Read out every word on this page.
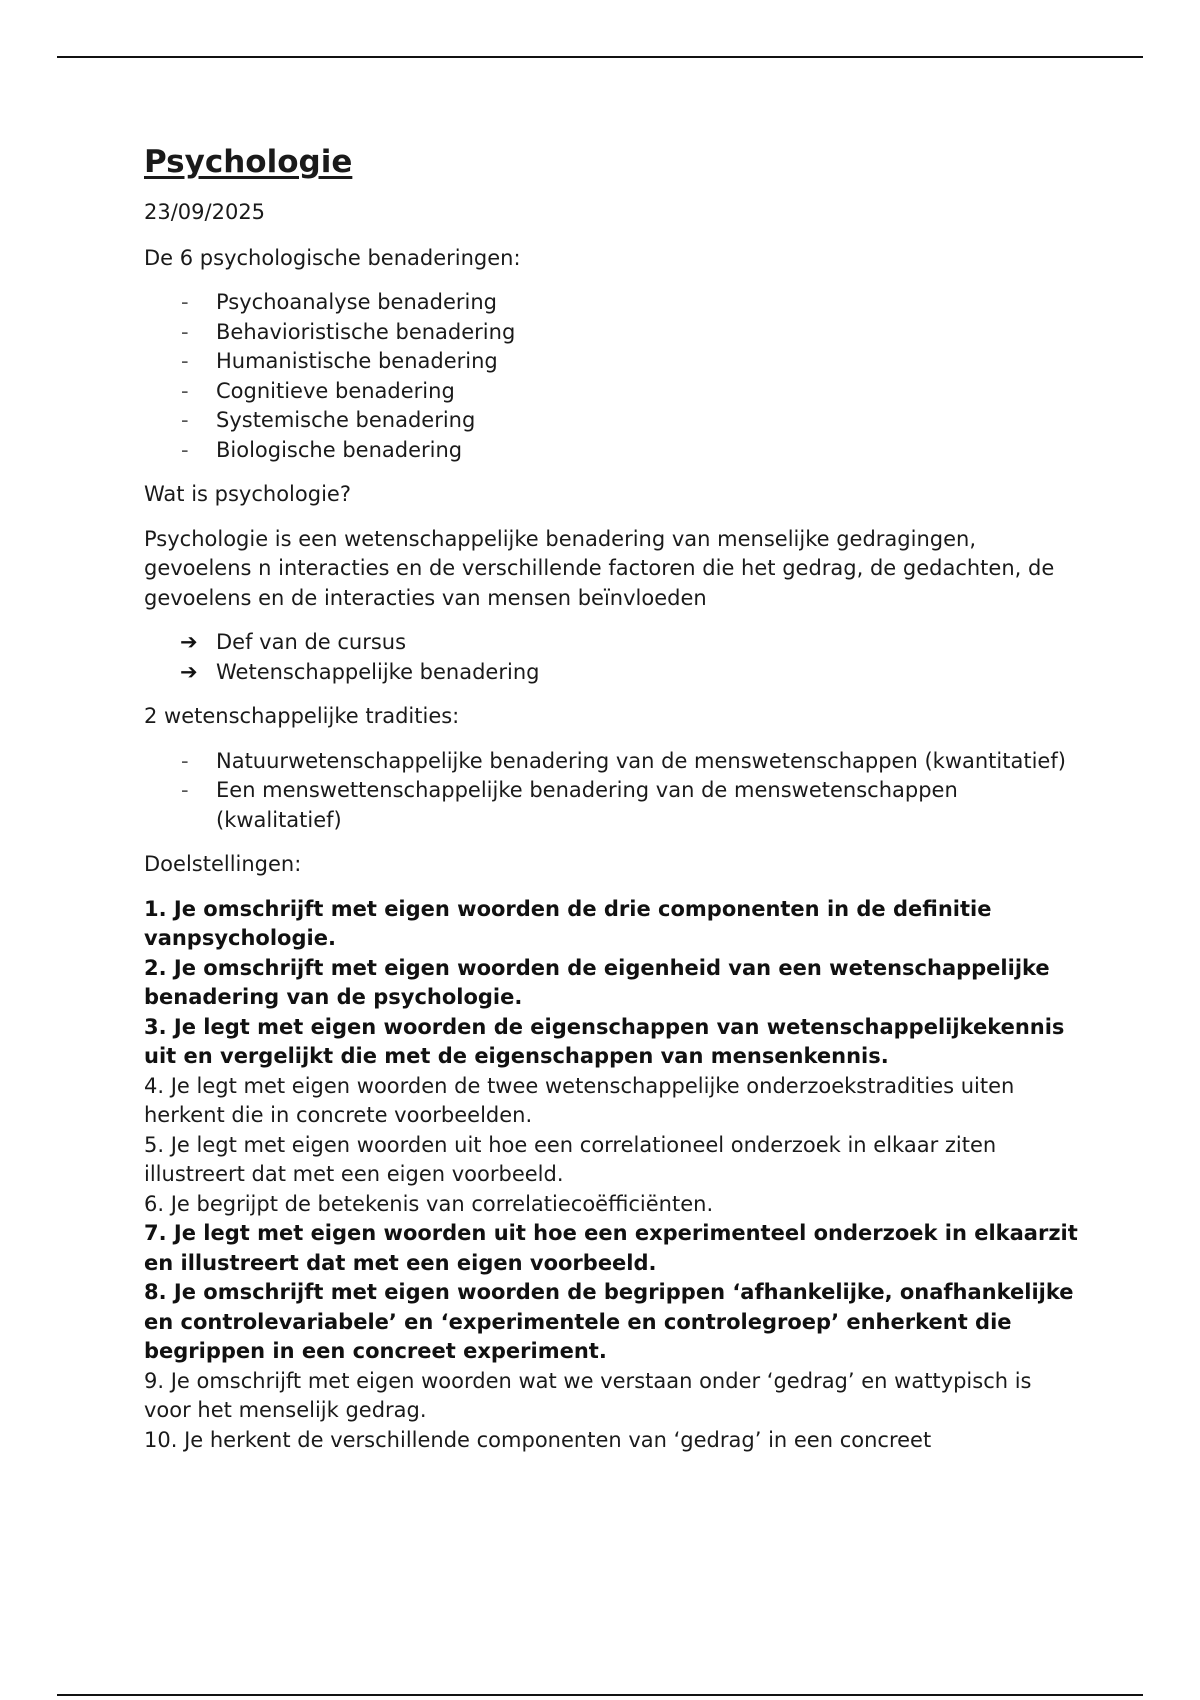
Psychologie

23/09/2025

De 6 psychologische benaderingen:

-	Psychoanalyse benadering
-	Behavioristische benadering
-	Humanistische benadering
-	Cognitieve benadering
-	Systemische benadering
-	Biologische benadering

Wat is psychologie?

Psychologie is een wetenschappelijke benadering van menselijke gedragingen, gevoelens n interacties en de verschillende factoren die het gedrag, de gedachten, de gevoelens en de interacties van mensen beïnvloeden

➔ Def van de cursus
➔ Wetenschappelijke benadering

2 wetenschappelijke tradities:

-	Natuurwetenschappelijke benadering van de menswetenschappen (kwantitatief)
-	Een menswettenschappelijke benadering van de menswetenschappen (kwalitatief)

Doelstellingen:

1. Je omschrijft met eigen woorden de drie componenten in de definitie vanpsychologie.

2. Je omschrijft met eigen woorden de eigenheid van een wetenschappelijke benadering van de psychologie.

3. Je legt met eigen woorden de eigenschappen van wetenschappelijkekennis uit en vergelijkt die met de eigenschappen van mensenkennis.

4. Je legt met eigen woorden de twee wetenschappelijke onderzoekstradities uiten herkent die in concrete voorbeelden.

5. Je legt met eigen woorden uit hoe een correlationeel onderzoek in elkaar ziten illustreert dat met een eigen voorbeeld.

6. Je begrijpt de betekenis van correlatiecoëfficiënten.

7. Je legt met eigen woorden uit hoe een experimenteel onderzoek in elkaarzit en illustreert dat met een eigen voorbeeld.

8. Je omschrijft met eigen woorden de begrippen ‘afhankelijke, onafhankelijke en controlevariabele’ en ‘experimentele en controlegroep’ enherkent die begrippen in een concreet experiment.

9. Je omschrijft met eigen woorden wat we verstaan onder ‘gedrag’ en wattypisch is voor het menselijk gedrag.

10. Je herkent de verschillende componenten van ‘gedrag’ in een concreet
